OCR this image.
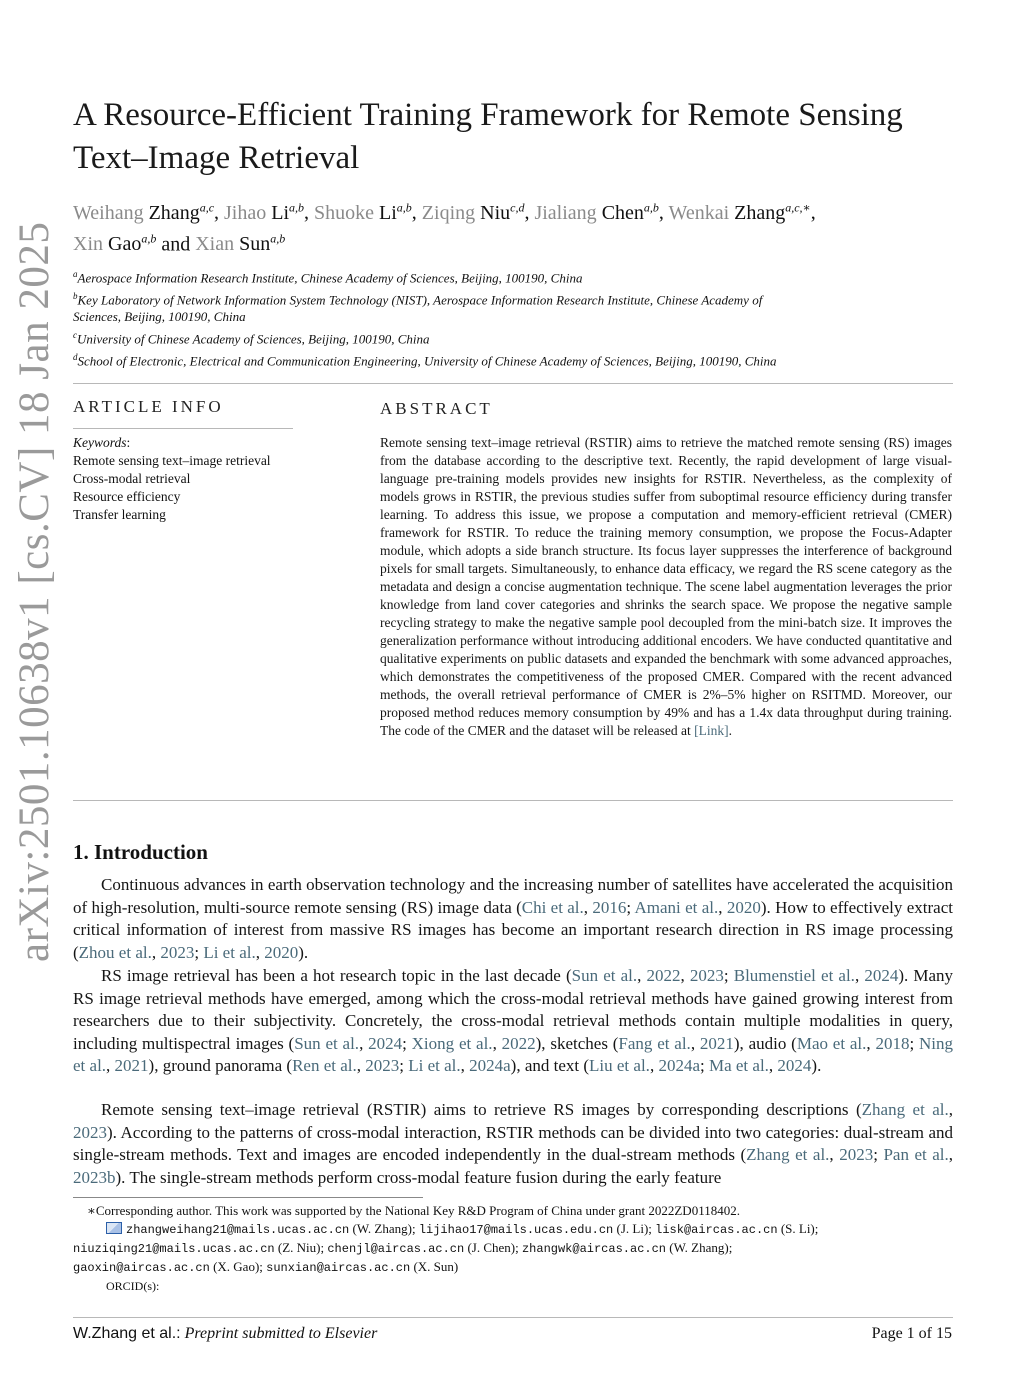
arXiv:2501.10638v1 [cs.CV] 18 Jan 2025
A Resource-Efficient Training Framework for Remote Sensing
Text–Image Retrieval
Weihang Zhang$^{a,c}$, Jihao Li$^{a,b}$, Shuoke Li$^{a,b}$, Ziqing Niu$^{c,d}$, Jialiang Chen$^{a,b}$, Wenkai Zhang$^{a,c,∗}$,
Xin Gao$^{a,b}$ and Xian Sun$^{a,b}$
$^a$Aerospace Information Research Institute, Chinese Academy of Sciences, Beijing, 100190, China
$^b$Key Laboratory of Network Information System Technology (NIST), Aerospace Information Research Institute, Chinese Academy of
Sciences, Beijing, 100190, China
$^c$University of Chinese Academy of Sciences, Beijing, 100190, China
$^d$School of Electronic, Electrical and Communication Engineering, University of Chinese Academy of Sciences, Beijing, 100190, China
ARTICLE INFO	ABSTRACT
Keywords:
Remote sensing text–image retrieval
Cross-modal retrieval
Resource efficiency
Transfer learning
Remote sensing text–image retrieval (RSTIR) aims to retrieve the matched remote sensing (RS) images from the database according to the descriptive text. Recently, the rapid development of large visual-language pre-training models provides new insights for RSTIR. Nevertheless, as the complexity of models grows in RSTIR, the previous studies suffer from suboptimal resource efficiency during transfer learning. To address this issue, we propose a computation and memory-efficient retrieval (CMER) framework for RSTIR. To reduce the training memory consumption, we propose the Focus-Adapter module, which adopts a side branch structure. Its focus layer suppresses the interference of background pixels for small targets. Simultaneously, to enhance data efficacy, we regard the RS scene category as the metadata and design a concise augmentation technique. The scene label augmentation leverages the prior knowledge from land cover categories and shrinks the search space. We propose the negative sample recycling strategy to make the negative sample pool decoupled from the mini-batch size. It improves the generalization performance without introducing additional encoders. We have conducted quantitative and qualitative experiments on public datasets and expanded the benchmark with some advanced approaches, which demonstrates the competitiveness of the proposed CMER. Compared with the recent advanced methods, the overall retrieval performance of CMER is 2%–5% higher on RSITMD. Moreover, our proposed method reduces memory consumption by 49% and has a 1.4x data throughput during training. The code of the CMER and the dataset will be released at [Link].
1. Introduction
Continuous advances in earth observation technology and the increasing number of satellites have accelerated the acquisition of high-resolution, multi-source remote sensing (RS) image data (Chi et al., 2016; Amani et al., 2020). How to effectively extract critical information of interest from massive RS images has become an important research direction in RS image processing (Zhou et al., 2023; Li et al., 2020).
RS image retrieval has been a hot research topic in the last decade (Sun et al., 2022, 2023; Blumenstiel et al., 2024). Many RS image retrieval methods have emerged, among which the cross-modal retrieval methods have gained growing interest from researchers due to their subjectivity. Concretely, the cross-modal retrieval methods contain multiple modalities in query, including multispectral images (Sun et al., 2024; Xiong et al., 2022), sketches (Fang et al., 2021), audio (Mao et al., 2018; Ning et al., 2021), ground panorama (Ren et al., 2023; Li et al., 2024a), and text (Liu et al., 2024a; Ma et al., 2024).
Remote sensing text–image retrieval (RSTIR) aims to retrieve RS images by corresponding descriptions (Zhang et al., 2023). According to the patterns of cross-modal interaction, RSTIR methods can be divided into two categories: dual-stream and single-stream methods. Text and images are encoded independently in the dual-stream methods (Zhang et al., 2023; Pan et al., 2023b). The single-stream methods perform cross-modal feature fusion during the early feature
∗Corresponding author. This work was supported by the National Key R&D Program of China under grant 2022ZD0118402.
zhangweihang21@mails.ucas.ac.cn (W. Zhang); lijihao17@mails.ucas.edu.cn (J. Li); lisk@aircas.ac.cn (S. Li);
niuziqing21@mails.ucas.ac.cn (Z. Niu); chenjl@aircas.ac.cn (J. Chen); zhangwk@aircas.ac.cn (W. Zhang);
gaoxin@aircas.ac.cn (X. Gao); sunxian@aircas.ac.cn (X. Sun)
ORCID(s):
W.Zhang et al.: Preprint submitted to Elsevier	Page 1 of 15
